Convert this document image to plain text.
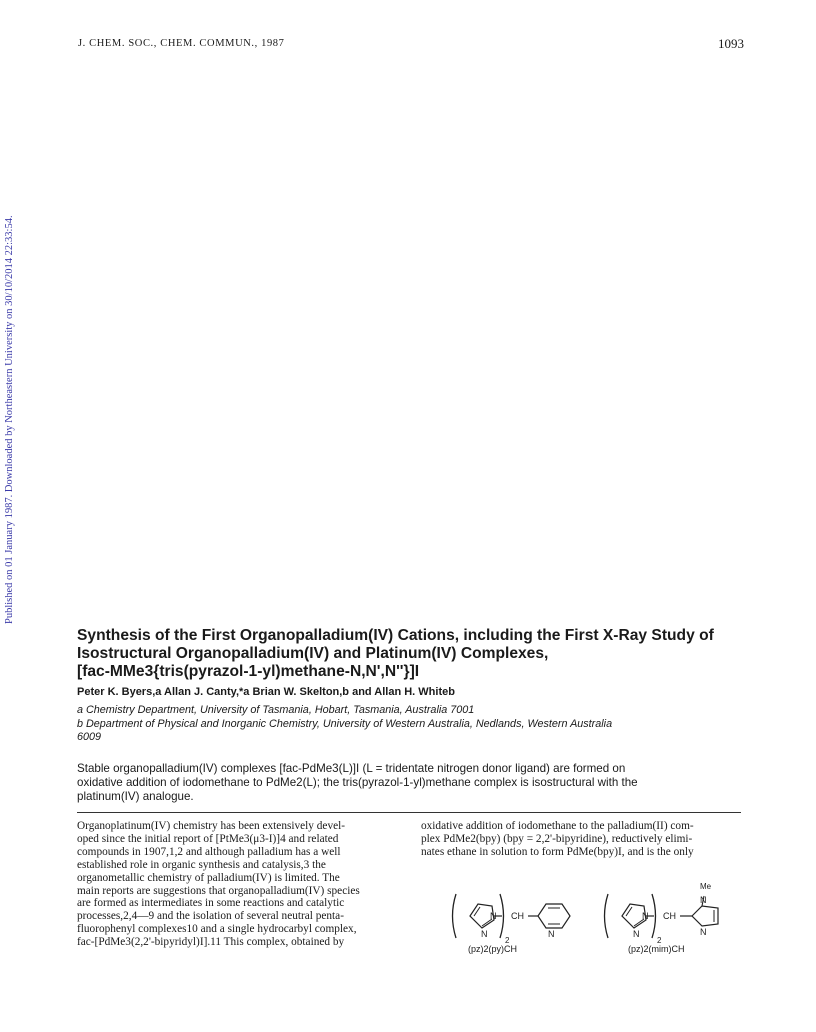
J. CHEM. SOC., CHEM. COMMUN., 1987	1093
Published on 01 January 1987. Downloaded by Northeastern University on 30/10/2014 22:33:54.
Synthesis of the First Organopalladium(IV) Cations, including the First X-Ray Study of
Isostructural Organopalladium(IV) and Platinum(IV) Complexes,
[fac-MMe3{tris(pyrazol-1-yl)methane-N,N',N''}]I
Peter K. Byers,a Allan J. Canty,*a Brian W. Skelton,b and Allan H. Whiteb
a Chemistry Department, University of Tasmania, Hobart, Tasmania, Australia 7001
b Department of Physical and Inorganic Chemistry, University of Western Australia, Nedlands, Western Australia
6009
Stable organopalladium(IV) complexes [fac-PdMe3(L)]I (L = tridentate nitrogen donor ligand) are formed on
oxidative addition of iodomethane to PdMe2(L); the tris(pyrazol-1-yl)methane complex is isostructural with the
platinum(IV) analogue.
Organoplatinum(IV) chemistry has been extensively devel-
oped since the initial report of [PtMe3(μ3-I)]4 and related
compounds in 1907,1,2 and although palladium has a well
established role in organic synthesis and catalysis,3 the
organometallic chemistry of palladium(IV) is limited. The
main reports are suggestions that organopalladium(IV) species
are formed as intermediates in some reactions and catalytic
processes,2,4—9 and the isolation of several neutral penta-
fluorophenyl complexes10 and a single hydrocarbyl complex,
fac-[PdMe3(2,2'-bipyridyl)I].11 This complex, obtained by
oxidative addition of iodomethane to the palladium(II) com-
plex PdMe2(bpy) (bpy = 2,2'-bipyridine), reductively elimi-
nates ethane in solution to form PdMe(bpy)I, and is the only
N
N
2
CH
N
(pz)2(py)CH
N
N
2
CH
Me
N
N
(pz)2(mim)CH
